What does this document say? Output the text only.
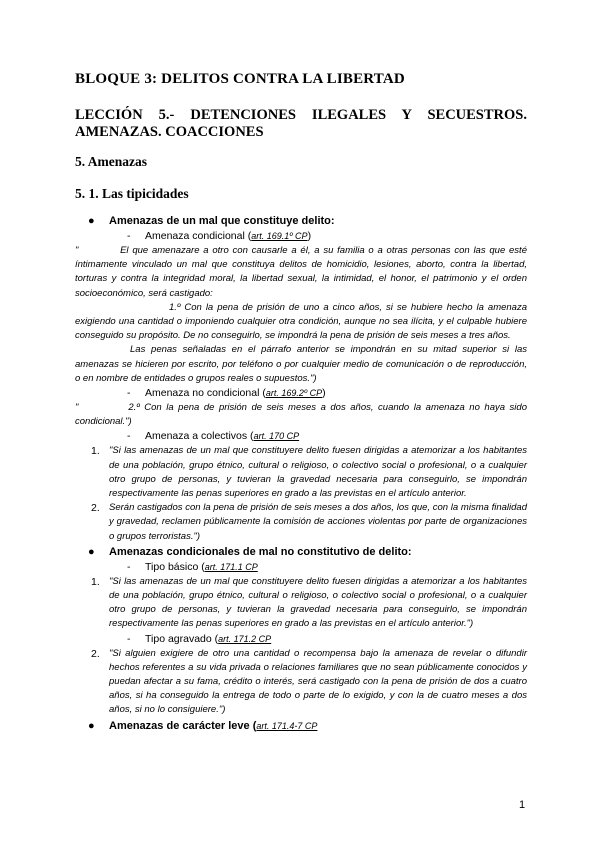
BLOQUE 3: DELITOS CONTRA LA LIBERTAD
LECCIÓN 5.- DETENCIONES ILEGALES Y SECUESTROS. AMENAZAS. COACCIONES
5. Amenazas
5. 1. Las tipicidades
● Amenazas de un mal que constituye delito:
- Amenaza condicional (art. 169.1º CP)

"	El que amenazare a otro con causarle a él, a su familia o a otras personas con las que esté íntimamente vinculado un mal que constituya delitos de homicidio, lesiones, aborto, contra la libertad, torturas y contra la integridad moral, la libertad sexual, la intimidad, el honor, el patrimonio y el orden socioeconómico, será castigado:

1.º Con la pena de prisión de uno a cinco años, si se hubiere hecho la amenaza exigiendo una cantidad o imponiendo cualquier otra condición, aunque no sea ilícita, y el culpable hubiere conseguido su propósito. De no conseguirlo, se impondrá la pena de prisión de seis meses a tres años.

Las penas señaladas en el párrafo anterior se impondrán en su mitad superior si las amenazas se hicieren por escrito, por teléfono o por cualquier medio de comunicación o de reproducción, o en nombre de entidades o grupos reales o supuestos.")

- Amenaza no condicional (art. 169.2º CP)

"	2.º Con la pena de prisión de seis meses a dos años, cuando la amenaza no haya sido condicional.")

- Amenaza a colectivos (art. 170 CP

1. "Si las amenazas de un mal que constituyere delito fuesen dirigidas a atemorizar a los habitantes de una población, grupo étnico, cultural o religioso, o colectivo social o profesional, o a cualquier otro grupo de personas, y tuvieran la gravedad necesaria para conseguirlo, se impondrán respectivamente las penas superiores en grado a las previstas en el artículo anterior.

2. Serán castigados con la pena de prisión de seis meses a dos años, los que, con la misma finalidad y gravedad, reclamen públicamente la comisión de acciones violentas por parte de organizaciones o grupos terroristas.")

● Amenazas condicionales de mal no constitutivo de delito:
- Tipo básico (art. 171.1 CP

1. "Si las amenazas de un mal que constituyere delito fuesen dirigidas a atemorizar a los habitantes de una población, grupo étnico, cultural o religioso, o colectivo social o profesional, o a cualquier otro grupo de personas, y tuvieran la gravedad necesaria para conseguirlo, se impondrán respectivamente las penas superiores en grado a las previstas en el artículo anterior.")

- Tipo agravado (art. 171.2 CP

2. "Si alguien exigiere de otro una cantidad o recompensa bajo la amenaza de revelar o difundir hechos referentes a su vida privada o relaciones familiares que no sean públicamente conocidos y puedan afectar a su fama, crédito o interés, será castigado con la pena de prisión de dos a cuatro años, si ha conseguido la entrega de todo o parte de lo exigido, y con la de cuatro meses a dos años, si no lo consiguiere.")

● Amenazas de carácter leve (art. 171.4-7 CP
1
